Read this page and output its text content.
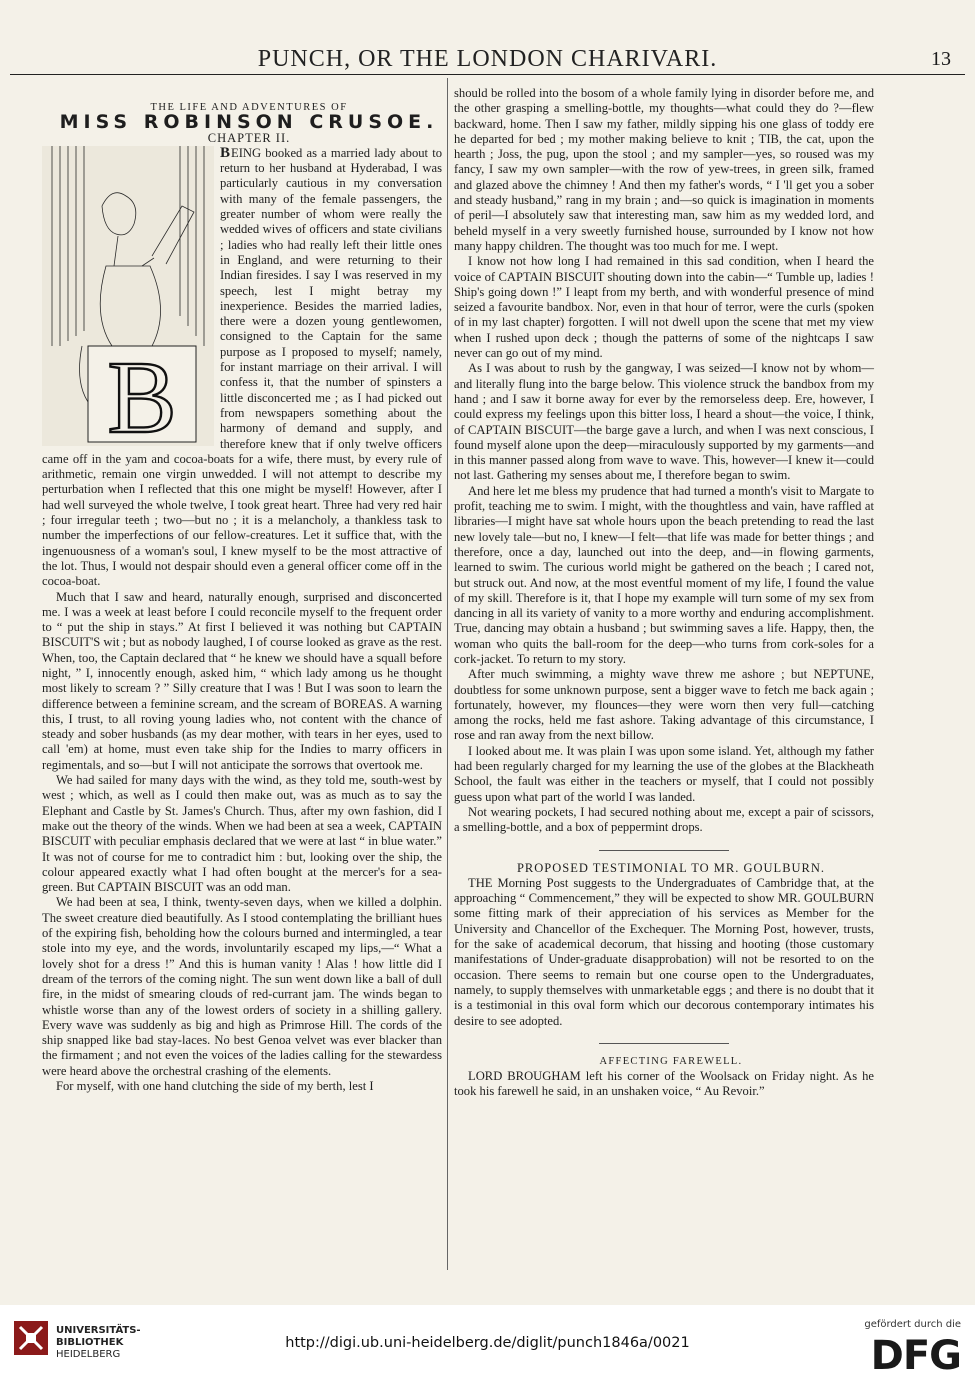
PUNCH, OR THE LONDON CHARIVARI.	13

THE LIFE AND ADVENTURES OF

MISS ROBINSON CRUSOE.

CHAPTER II.

B

BEING booked as a married lady about to return to her husband at Hyderabad, I was particularly cautious in my conversation with many of the female passengers, the greater number of whom were really the wedded wives of officers and state civilians ; ladies who had really left their little ones in England, and were returning to their Indian firesides. I say I was reserved in my speech, lest I might betray my inexperience. Besides the married ladies, there were a dozen young gentlewomen, consigned to the Captain for the same purpose as I proposed to myself; namely, for instant marriage on their arrival. I will confess it, that the number of spinsters a little disconcerted me ; as I had picked out from newspapers something about the harmony of demand and supply, and therefore knew that if only twelve officers came off in the yam and cocoa-boats for a wife, there must, by every rule of arithmetic, remain one virgin unwedded. I will not attempt to describe my perturbation when I reflected that this one might be myself! However, after I had well surveyed the whole twelve, I took great heart. Three had very red hair ; four irregular teeth ; two—but no ; it is a melancholy, a thankless task to number the imperfections of our fellow-creatures. Let it suffice that, with the ingenuousness of a woman's soul, I knew myself to be the most attractive of the lot. Thus, I would not despair should even a general officer come off in the cocoa-boat.

Much that I saw and heard, naturally enough, surprised and disconcerted me. I was a week at least before I could reconcile myself to the frequent order to “ put the ship in stays.” At first I believed it was nothing but CAPTAIN BISCUIT'S wit ; but as nobody laughed, I of course looked as grave as the rest. When, too, the Captain declared that “ he knew we should have a squall before night, ” I, innocently enough, asked him, “ which lady among us he thought most likely to scream ? ” Silly creature that I was ! But I was soon to learn the difference between a feminine scream, and the scream of BOREAS. A warning this, I trust, to all roving young ladies who, not content with the chance of steady and sober husbands (as my dear mother, with tears in her eyes, used to call 'em) at home, must even take ship for the Indies to marry officers in regimentals, and so—but I will not anticipate the sorrows that overtook me.

We had sailed for many days with the wind, as they told me, south-west by west ; which, as well as I could then make out, was as much as to say the Elephant and Castle by St. James's Church. Thus, after my own fashion, did I make out the theory of the winds. When we had been at sea a week, CAPTAIN BISCUIT with peculiar emphasis declared that we were at last “ in blue water.” It was not of course for me to contradict him : but, looking over the ship, the colour appeared exactly what I had often bought at the mercer's for a sea-green. But CAPTAIN BISCUIT was an odd man.

We had been at sea, I think, twenty-seven days, when we killed a dolphin. The sweet creature died beautifully. As I stood contemplating the brilliant hues of the expiring fish, beholding how the colours burned and intermingled, a tear stole into my eye, and the words, involuntarily escaped my lips,—“ What a lovely shot for a dress !” And this is human vanity ! Alas ! how little did I dream of the terrors of the coming night. The sun went down like a ball of dull fire, in the midst of smearing clouds of red-currant jam. The winds began to whistle worse than any of the lowest orders of society in a shilling gallery. Every wave was suddenly as big and high as Primrose Hill. The cords of the ship snapped like bad stay-laces. No best Genoa velvet was ever blacker than the firmament ; and not even the voices of the ladies calling for the stewardess were heard above the orchestral crashing of the elements.

For myself, with one hand clutching the side of my berth, lest I

should be rolled into the bosom of a whole family lying in disorder before me, and the other grasping a smelling-bottle, my thoughts—what could they do ?—flew backward, home. Then I saw my father, mildly sipping his one glass of toddy ere he departed for bed ; my mother making believe to knit ; TIB, the cat, upon the hearth ; Joss, the pug, upon the stool ; and my sampler—yes, so roused was my fancy, I saw my own sampler—with the row of yew-trees, in green silk, framed and glazed above the chimney ! And then my father's words, “ I 'll get you a sober and steady husband,” rang in my brain ; and—so quick is imagination in moments of peril—I absolutely saw that interesting man, saw him as my wedded lord, and beheld myself in a very sweetly furnished house, surrounded by I know not how many happy children. The thought was too much for me. I wept.

I know not how long I had remained in this sad condition, when I heard the voice of CAPTAIN BISCUIT shouting down into the cabin—“ Tumble up, ladies ! Ship's going down !” I leapt from my berth, and with wonderful presence of mind seized a favourite bandbox. Nor, even in that hour of terror, were the curls (spoken of in my last chapter) forgotten. I will not dwell upon the scene that met my view when I rushed upon deck ; though the patterns of some of the nightcaps I saw never can go out of my mind.

As I was about to rush by the gangway, I was seized—I know not by whom—and literally flung into the barge below. This violence struck the bandbox from my hand ; and I saw it borne away for ever by the remorseless deep. Ere, however, I could express my feelings upon this bitter loss, I heard a shout—the voice, I think, of CAPTAIN BISCUIT—the barge gave a lurch, and when I was next conscious, I found myself alone upon the deep—miraculously supported by my garments—and in this manner passed along from wave to wave. This, however—I knew it—could not last. Gathering my senses about me, I therefore began to swim.

And here let me bless my prudence that had turned a month's visit to Margate to profit, teaching me to swim. I might, with the thoughtless and vain, have raffled at libraries—I might have sat whole hours upon the beach pretending to read the last new lovely tale—but no, I knew—I felt—that life was made for better things ; and therefore, once a day, launched out into the deep, and—in flowing garments, learned to swim. The curious world might be gathered on the beach ; I cared not, but struck out. And now, at the most eventful moment of my life, I found the value of my skill. Therefore is it, that I hope my example will turn some of my sex from dancing in all its variety of vanity to a more worthy and enduring accomplishment. True, dancing may obtain a husband ; but swimming saves a life. Happy, then, the woman who quits the ball-room for the deep—who turns from cork-soles for a cork-jacket. To return to my story.

After much swimming, a mighty wave threw me ashore ; but NEPTUNE, doubtless for some unknown purpose, sent a bigger wave to fetch me back again ; fortunately, however, my flounces—they were worn then very full—catching among the rocks, held me fast ashore. Taking advantage of this circumstance, I rose and ran away from the next billow.

I looked about me. It was plain I was upon some island. Yet, although my father had been regularly charged for my learning the use of the globes at the Blackheath School, the fault was either in the teachers or myself, that I could not possibly guess upon what part of the world I was landed.

Not wearing pockets, I had secured nothing about me, except a pair of scissors, a smelling-bottle, and a box of peppermint drops.

PROPOSED TESTIMONIAL TO MR. GOULBURN.

THE Morning Post suggests to the Undergraduates of Cambridge that, at the approaching “ Commencement,” they will be expected to show MR. GOULBURN some fitting mark of their appreciation of his services as Member for the University and Chancellor of the Exchequer. The Morning Post, however, trusts, for the sake of academical decorum, that hissing and hooting (those customary manifestations of Under-graduate disapprobation) will not be resorted to on the occasion. There seems to remain but one course open to the Undergraduates, namely, to supply themselves with unmarketable eggs ; and there is no doubt that it is a testimonial in this oval form which our decorous contemporary intimates his desire to see adopted.

AFFECTING FAREWELL.

LORD BROUGHAM left his corner of the Woolsack on Friday night. As he took his farewell he said, in an unshaken voice, “ Au Revoir.”

UNIVERSITÄTS-
BIBLIOTHEK
HEIDELBERG
http://digi.ub.uni-heidelberg.de/diglit/punch1846a/0021
gefördert durch die
DFG
